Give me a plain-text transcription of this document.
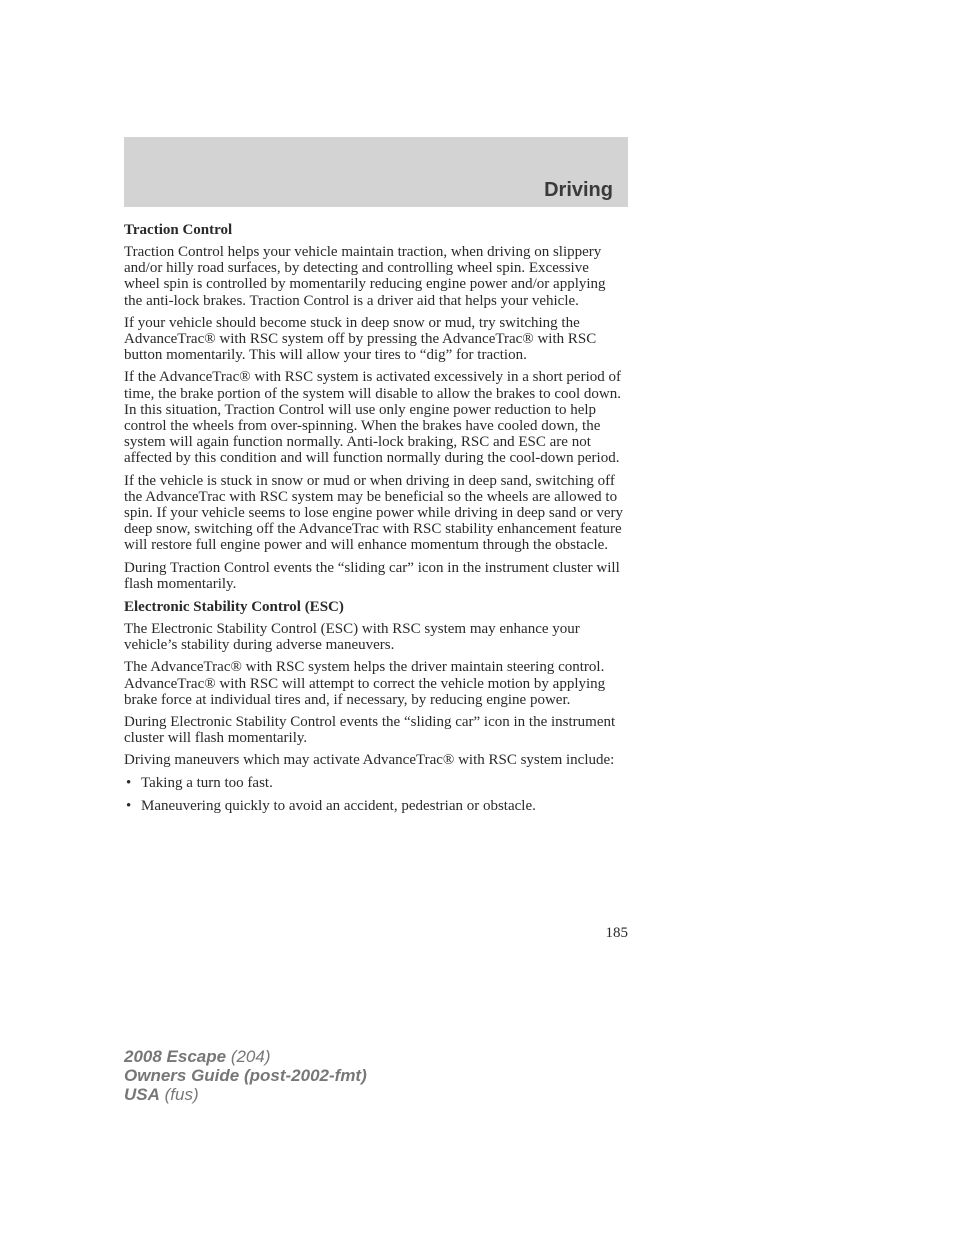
Driving
Traction Control

Traction Control helps your vehicle maintain traction, when driving on slippery and/or hilly road surfaces, by detecting and controlling wheel spin. Excessive wheel spin is controlled by momentarily reducing engine power and/or applying the anti-lock brakes. Traction Control is a driver aid that helps your vehicle.

If your vehicle should become stuck in deep snow or mud, try switching the AdvanceTrac® with RSC system off by pressing the AdvanceTrac® with RSC button momentarily. This will allow your tires to “dig” for traction.

If the AdvanceTrac® with RSC system is activated excessively in a short period of time, the brake portion of the system will disable to allow the brakes to cool down. In this situation, Traction Control will use only engine power reduction to help control the wheels from over-spinning. When the brakes have cooled down, the system will again function normally. Anti-lock braking, RSC and ESC are not affected by this condition and will function normally during the cool-down period.

If the vehicle is stuck in snow or mud or when driving in deep sand, switching off the AdvanceTrac with RSC system may be beneficial so the wheels are allowed to spin. If your vehicle seems to lose engine power while driving in deep sand or very deep snow, switching off the AdvanceTrac with RSC stability enhancement feature will restore full engine power and will enhance momentum through the obstacle.

During Traction Control events the “sliding car” icon in the instrument cluster will flash momentarily.

Electronic Stability Control (ESC)

The Electronic Stability Control (ESC) with RSC system may enhance your vehicle’s stability during adverse maneuvers.

The AdvanceTrac® with RSC system helps the driver maintain steering control. AdvanceTrac® with RSC will attempt to correct the vehicle motion by applying brake force at individual tires and, if necessary, by reducing engine power.

During Electronic Stability Control events the “sliding car” icon in the instrument cluster will flash momentarily.

Driving maneuvers which may activate AdvanceTrac® with RSC system include:

• Taking a turn too fast.
• Maneuvering quickly to avoid an accident, pedestrian or obstacle.
185
2008 Escape (204)
Owners Guide (post-2002-fmt)
USA (fus)
